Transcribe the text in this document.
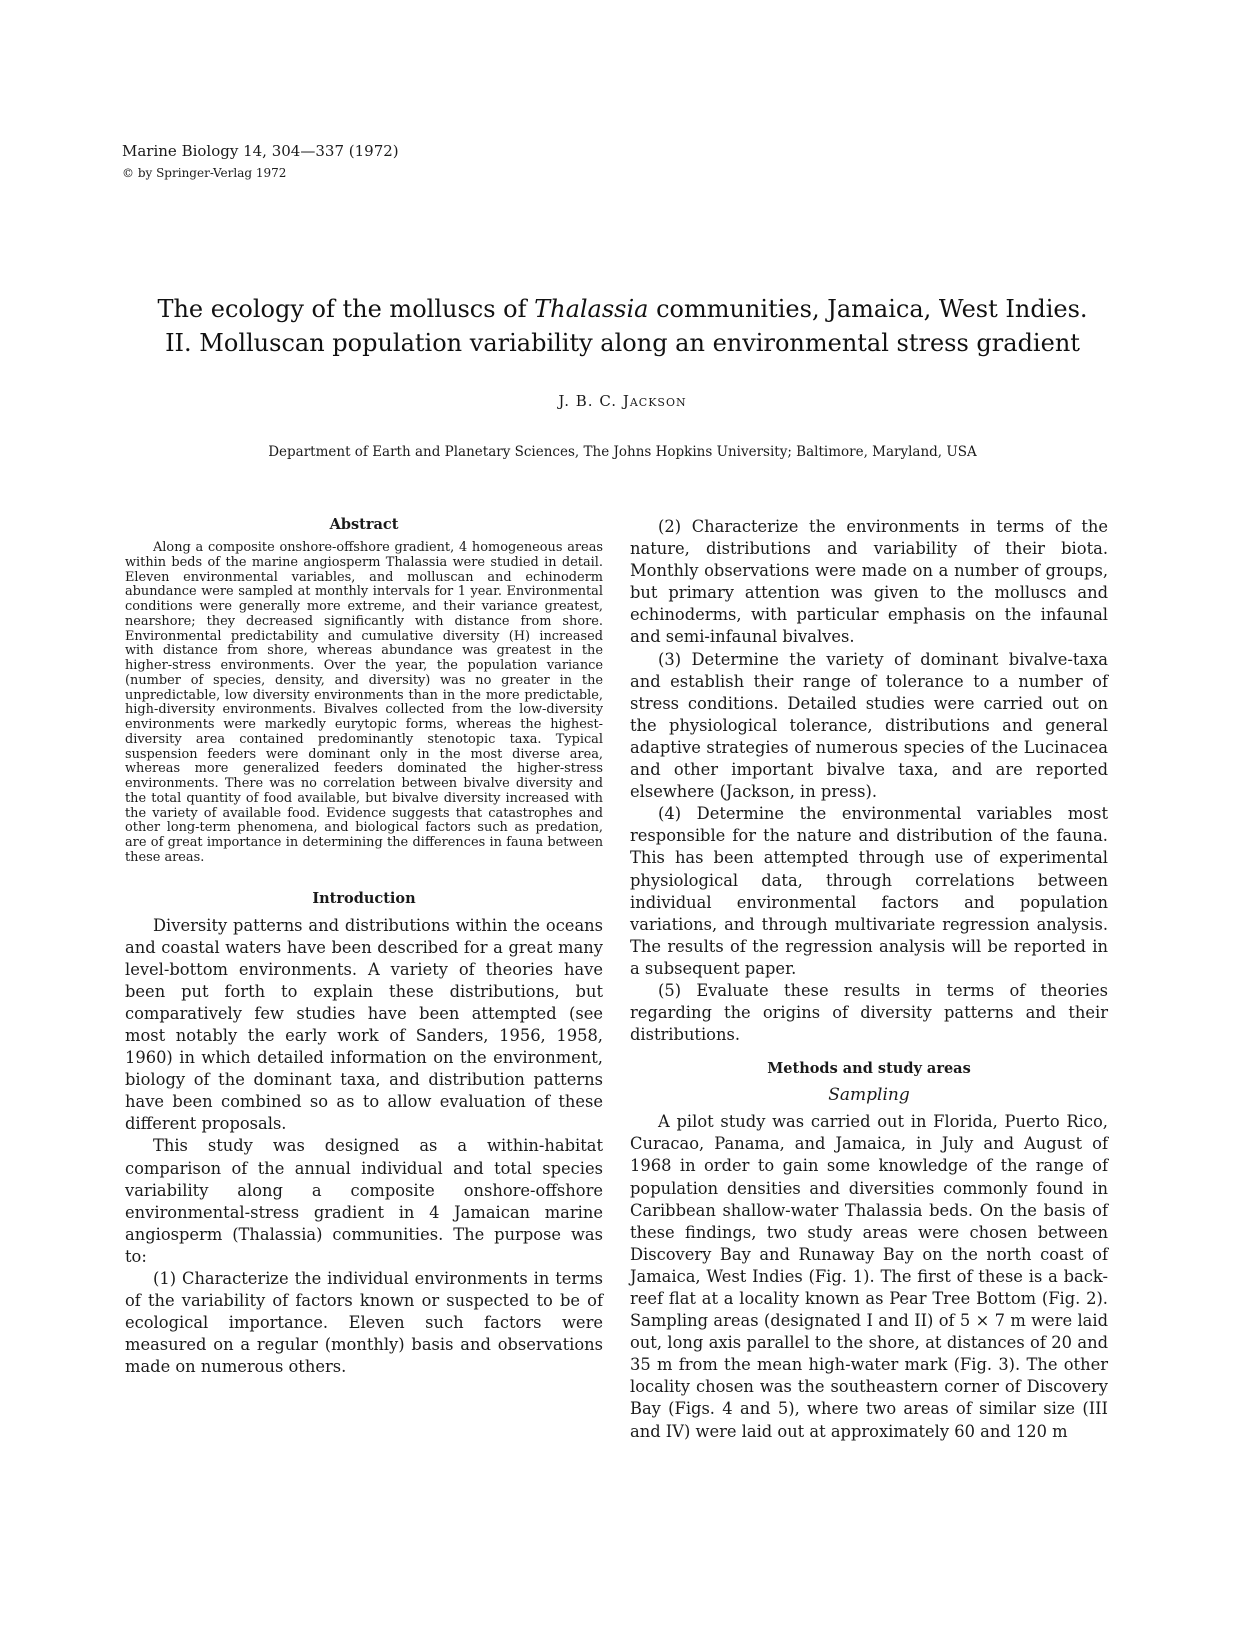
Marine Biology 14, 304—337 (1972)
© by Springer-Verlag 1972
The ecology of the molluscs of Thalassia communities, Jamaica, West Indies.
II. Molluscan population variability along an environmental stress gradient
J. B. C. Jackson
Department of Earth and Planetary Sciences, The Johns Hopkins University; Baltimore, Maryland, USA
Abstract

Along a composite onshore-offshore gradient, 4 homogeneous areas within beds of the marine angiosperm Thalassia were studied in detail. Eleven environmental variables, and molluscan and echinoderm abundance were sampled at monthly intervals for 1 year. Environmental conditions were generally more extreme, and their variance greatest, nearshore; they decreased significantly with distance from shore. Environmental predictability and cumulative diversity (H) increased with distance from shore, whereas abundance was greatest in the higher-stress environments. Over the year, the population variance (number of species, density, and diversity) was no greater in the unpredictable, low diversity environments than in the more predictable, high-diversity environments. Bivalves collected from the low-diversity environments were markedly eurytopic forms, whereas the highest-diversity area contained predominantly stenotopic taxa. Typical suspension feeders were dominant only in the most diverse area, whereas more generalized feeders dominated the higher-stress environments. There was no correlation between bivalve diversity and the total quantity of food available, but bivalve diversity increased with the variety of available food. Evidence suggests that catastrophes and other long-term phenomena, and biological factors such as predation, are of great importance in determining the differences in fauna between these areas.

Introduction

Diversity patterns and distributions within the oceans and coastal waters have been described for a great many level-bottom environments. A variety of theories have been put forth to explain these distributions, but comparatively few studies have been attempted (see most notably the early work of Sanders, 1956, 1958, 1960) in which detailed information on the environment, biology of the dominant taxa, and distribution patterns have been combined so as to allow evaluation of these different proposals.

This study was designed as a within-habitat comparison of the annual individual and total species variability along a composite onshore-offshore environmental-stress gradient in 4 Jamaican marine angiosperm (Thalassia) communities. The purpose was to:

(1) Characterize the individual environments in terms of the variability of factors known or suspected to be of ecological importance. Eleven such factors were measured on a regular (monthly) basis and observations made on numerous others.

(2) Characterize the environments in terms of the nature, distributions and variability of their biota. Monthly observations were made on a number of groups, but primary attention was given to the molluscs and echinoderms, with particular emphasis on the infaunal and semi-infaunal bivalves.

(3) Determine the variety of dominant bivalve-taxa and establish their range of tolerance to a number of stress conditions. Detailed studies were carried out on the physiological tolerance, distributions and general adaptive strategies of numerous species of the Lucinacea and other important bivalve taxa, and are reported elsewhere (Jackson, in press).

(4) Determine the environmental variables most responsible for the nature and distribution of the fauna. This has been attempted through use of experimental physiological data, through correlations between individual environmental factors and population variations, and through multivariate regression analysis. The results of the regression analysis will be reported in a subsequent paper.

(5) Evaluate these results in terms of theories regarding the origins of diversity patterns and their distributions.

Methods and study areas
Sampling

A pilot study was carried out in Florida, Puerto Rico, Curacao, Panama, and Jamaica, in July and August of 1968 in order to gain some knowledge of the range of population densities and diversities commonly found in Caribbean shallow-water Thalassia beds. On the basis of these findings, two study areas were chosen between Discovery Bay and Runaway Bay on the north coast of Jamaica, West Indies (Fig. 1). The first of these is a back-reef flat at a locality known as Pear Tree Bottom (Fig. 2). Sampling areas (designated I and II) of 5 × 7 m were laid out, long axis parallel to the shore, at distances of 20 and 35 m from the mean high-water mark (Fig. 3). The other locality chosen was the southeastern corner of Discovery Bay (Figs. 4 and 5), where two areas of similar size (III and IV) were laid out at approximately 60 and 120 m
